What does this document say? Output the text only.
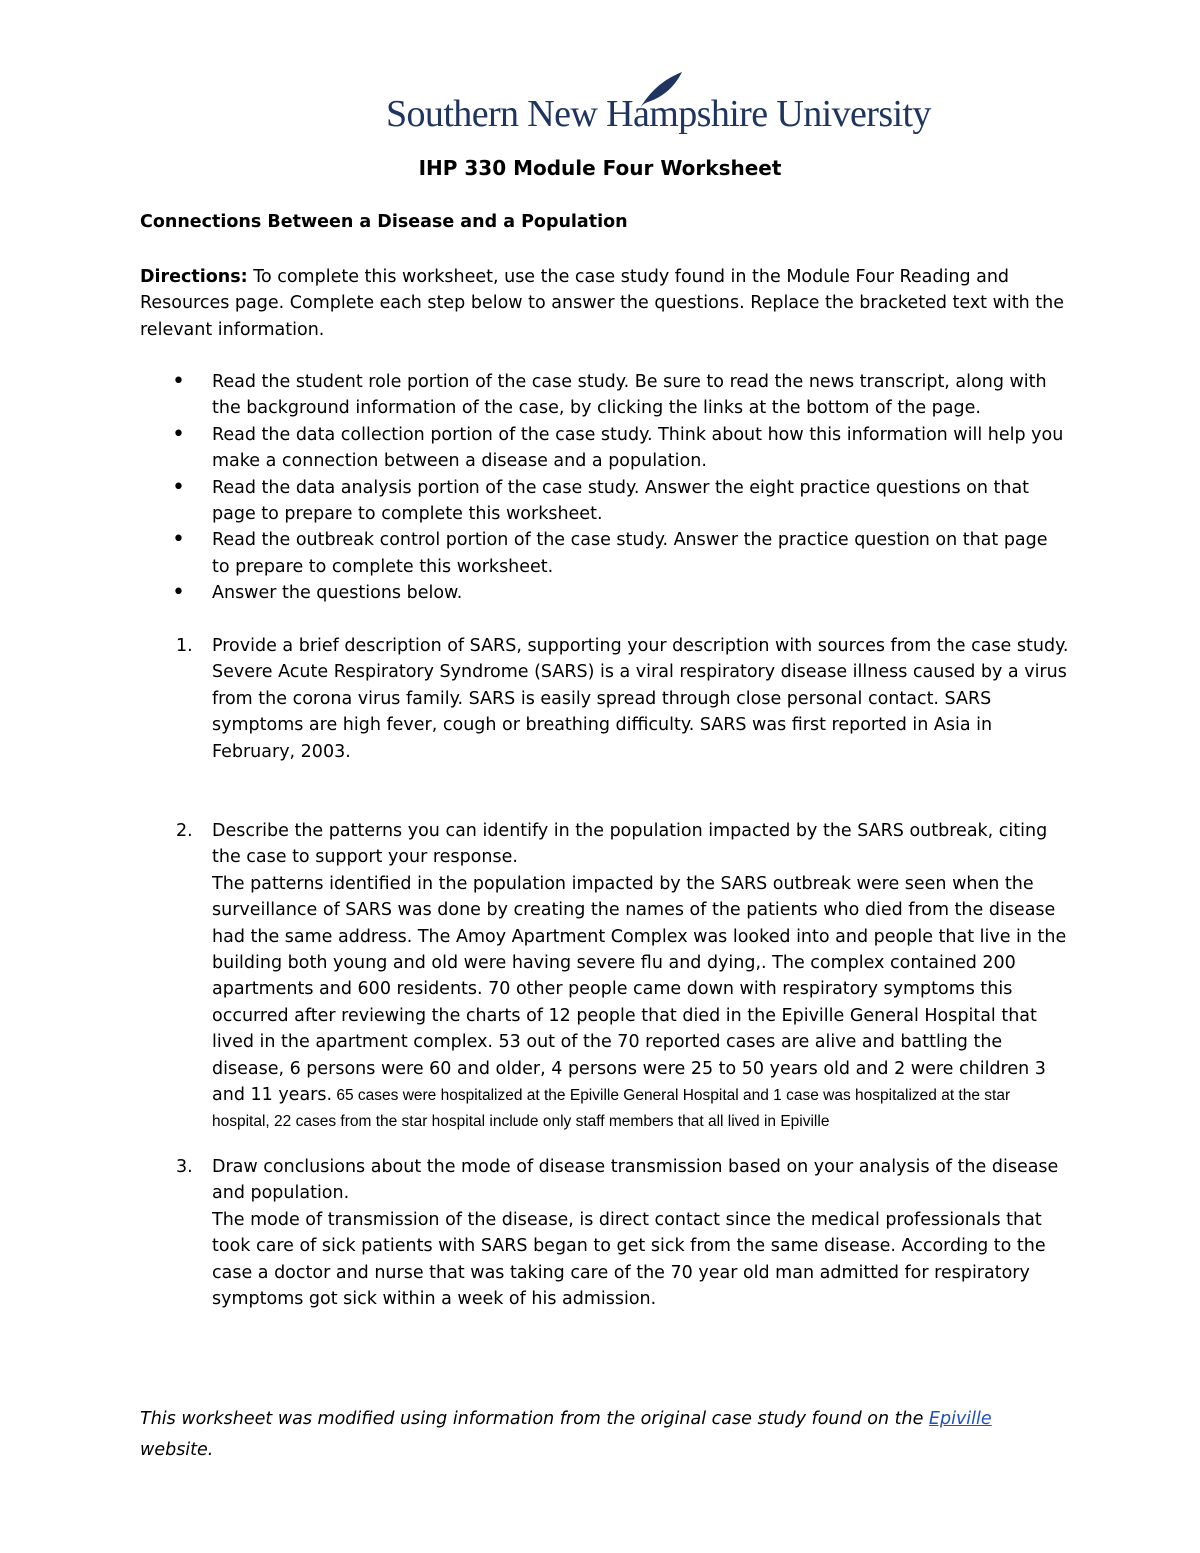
Southern New Hampshire University
IHP 330 Module Four Worksheet
Connections Between a Disease and a Population
Directions: To complete this worksheet, use the case study found in the Module Four Reading and Resources page. Complete each step below to answer the questions. Replace the bracketed text with the relevant information.
• Read the student role portion of the case study. Be sure to read the news transcript, along with the background information of the case, by clicking the links at the bottom of the page.
• Read the data collection portion of the case study. Think about how this information will help you make a connection between a disease and a population.
• Read the data analysis portion of the case study. Answer the eight practice questions on that page to prepare to complete this worksheet.
• Read the outbreak control portion of the case study. Answer the practice question on that page to prepare to complete this worksheet.
• Answer the questions below.
1. Provide a brief description of SARS, supporting your description with sources from the case study.
Severe Acute Respiratory Syndrome (SARS) is a viral respiratory disease illness caused by a virus from the corona virus family. SARS is easily spread through close personal contact. SARS symptoms are high fever, cough or breathing difficulty. SARS was first reported in Asia in February, 2003.
2. Describe the patterns you can identify in the population impacted by the SARS outbreak, citing the case to support your response.
The patterns identified in the population impacted by the SARS outbreak were seen when the surveillance of SARS was done by creating the names of the patients who died from the disease had the same address. The Amoy Apartment Complex was looked into and people that live in the building both young and old were having severe flu and dying,. The complex contained 200 apartments and 600 residents. 70 other people came down with respiratory symptoms this occurred after reviewing the charts of 12 people that died in the Epiville General Hospital that lived in the apartment complex. 53 out of the 70 reported cases are alive and battling the disease, 6 persons were 60 and older, 4 persons were 25 to 50 years old and 2 were children 3 and 11 years. 65 cases were hospitalized at the Epiville General Hospital and 1 case was hospitalized at the star hospital, 22 cases from the star hospital include only staff members that all lived in Epiville
3. Draw conclusions about the mode of disease transmission based on your analysis of the disease and population.
The mode of transmission of the disease, is direct contact since the medical professionals that took care of sick patients with SARS began to get sick from the same disease. According to the case a doctor and nurse that was taking care of the 70 year old man admitted for respiratory symptoms got sick within a week of his admission.
This worksheet was modified using information from the original case study found on the Epiville
website.
